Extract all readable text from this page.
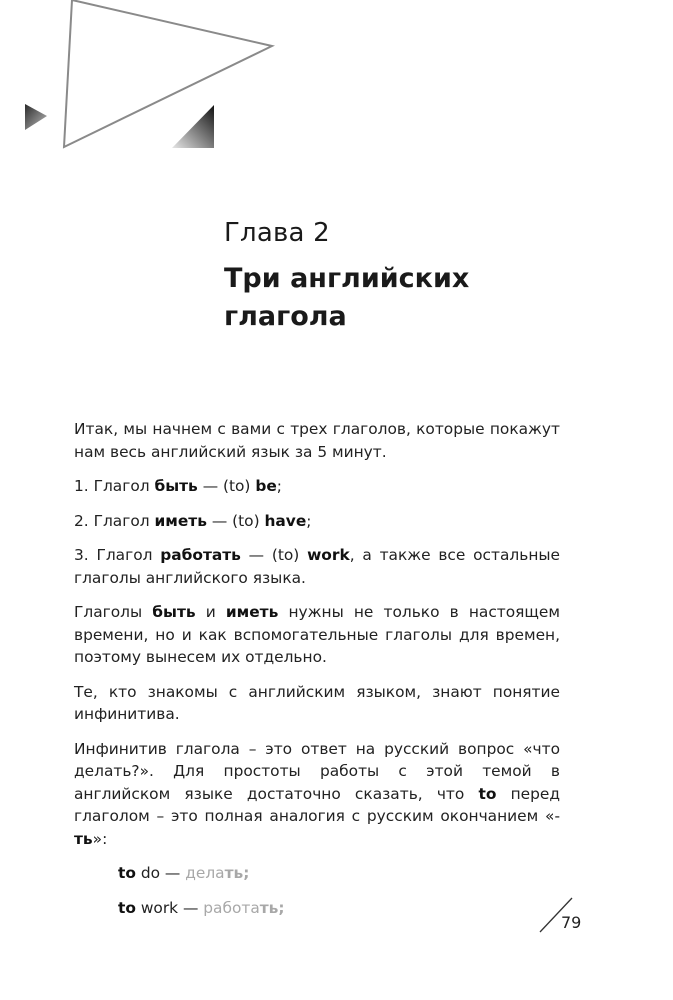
Глава 2
Три английских
глагола

Итак, мы начнем с вами с трех глаголов, которые покажут нам весь английский язык за 5 минут.

1. Глагол быть — (to) be;

2. Глагол иметь — (to) have;

3. Глагол работать — (to) work, а также все остальные глаголы английского языка.

Глаголы быть и иметь нужны не только в настоящем времени, но и как вспомогательные глаголы для времен, поэтому вынесем их отдельно.

Те, кто знакомы с английским языком, знают понятие инфинитива.

Инфинитив глагола – это ответ на русский вопрос «что делать?». Для простоты работы с этой темой в английском языке достаточно сказать, что to перед глаголом – это полная аналогия с русским окончанием «-ть»:

to do — делать;

to work — работать;

79
